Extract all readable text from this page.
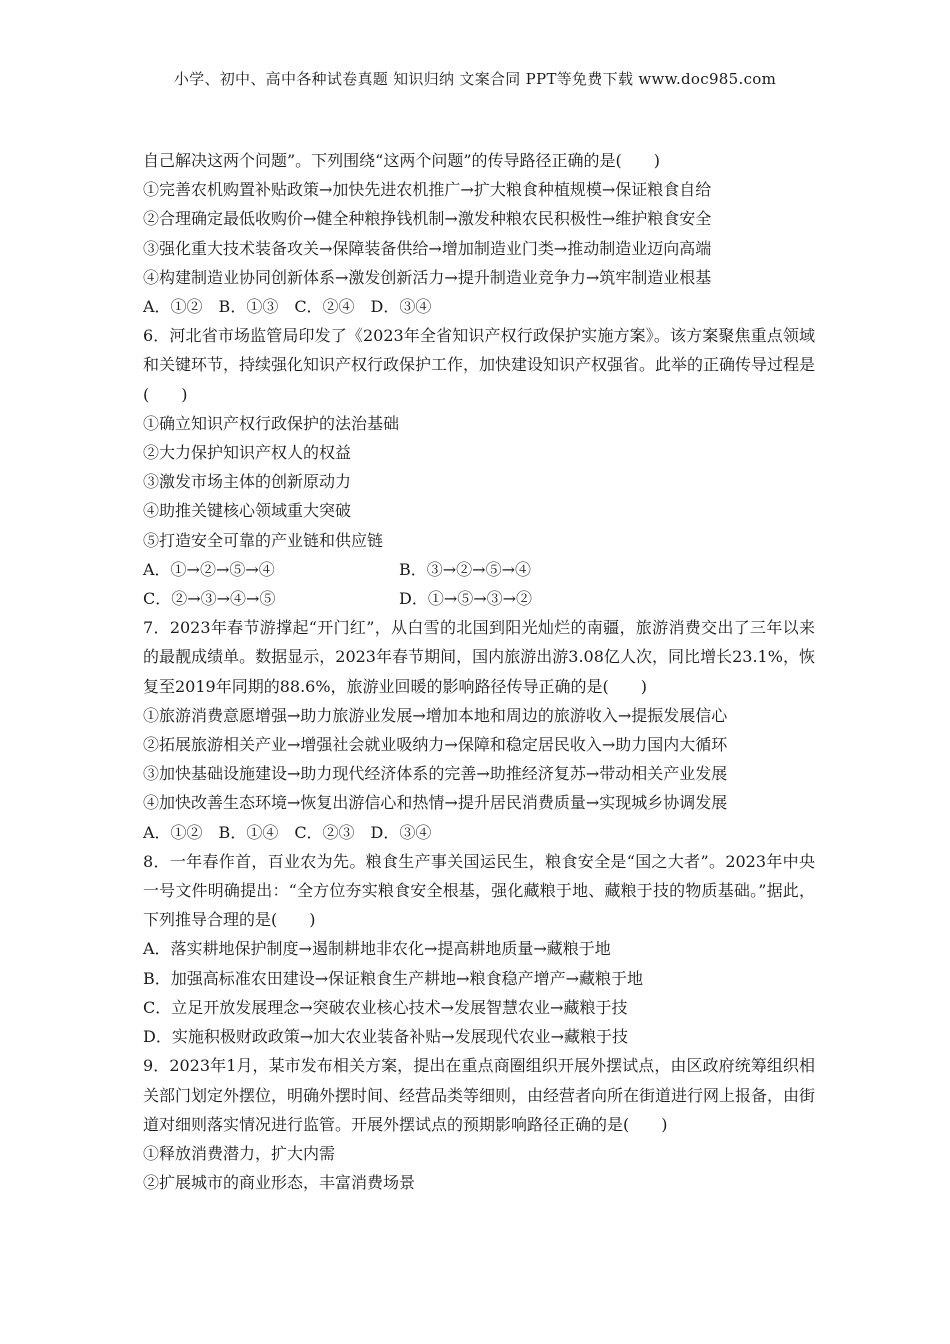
小学、初中、高中各种试卷真题 知识归纳 文案合同 PPT等免费下载 www.doc985.com

自己解决这两个问题”。下列围绕“这两个问题”的传导路径正确的是(　　)

①完善农机购置补贴政策→加快先进农机推广→扩大粮食种植规模→保证粮食自给

②合理确定最低收购价→健全种粮挣钱机制→激发种粮农民积极性→维护粮食安全

③强化重大技术装备攻关→保障装备供给→增加制造业门类→推动制造业迈向高端

④构建制造业协同创新体系→激发创新活力→提升制造业竞争力→筑牢制造业根基

A．①②　B．①③　C．②④　D．③④

6．河北省市场监管局印发了《2023年全省知识产权行政保护实施方案》。该方案聚焦重点领域和关键环节，持续强化知识产权行政保护工作，加快建设知识产权强省。此举的正确传导过程是(　　)

①确立知识产权行政保护的法治基础

②大力保护知识产权人的权益

③激发市场主体的创新原动力

④助推关键核心领域重大突破

⑤打造安全可靠的产业链和供应链

A．①→②→⑤→④	B．③→②→⑤→④
C．②→③→④→⑤	D．①→⑤→③→②

7．2023年春节游撑起“开门红”，从白雪的北国到阳光灿烂的南疆，旅游消费交出了三年以来的最靓成绩单。数据显示，2023年春节期间，国内旅游出游3.08亿人次，同比增长23.1%，恢复至2019年同期的88.6%，旅游业回暖的影响路径传导正确的是(　　)

①旅游消费意愿增强→助力旅游业发展→增加本地和周边的旅游收入→提振发展信心

②拓展旅游相关产业→增强社会就业吸纳力→保障和稳定居民收入→助力国内大循环

③加快基础设施建设→助力现代经济体系的完善→助推经济复苏→带动相关产业发展

④加快改善生态环境→恢复出游信心和热情→提升居民消费质量→实现城乡协调发展

A．①②　B．①④　C．②③　D．③④

8．一年春作首，百业农为先。粮食生产事关国运民生，粮食安全是“国之大者”。2023年中央一号文件明确提出：“全方位夯实粮食安全根基，强化藏粮于地、藏粮于技的物质基础。”据此，下列推导合理的是(　　)

A．落实耕地保护制度→遏制耕地非农化→提高耕地质量→藏粮于地

B．加强高标准农田建设→保证粮食生产耕地→粮食稳产增产→藏粮于地

C．立足开放发展理念→突破农业核心技术→发展智慧农业→藏粮于技

D．实施积极财政政策→加大农业装备补贴→发展现代农业→藏粮于技

9．2023年1月，某市发布相关方案，提出在重点商圈组织开展外摆试点，由区政府统筹组织相关部门划定外摆位，明确外摆时间、经营品类等细则，由经营者向所在街道进行网上报备，由街道对细则落实情况进行监管。开展外摆试点的预期影响路径正确的是(　　)

①释放消费潜力，扩大内需

②扩展城市的商业形态，丰富消费场景
